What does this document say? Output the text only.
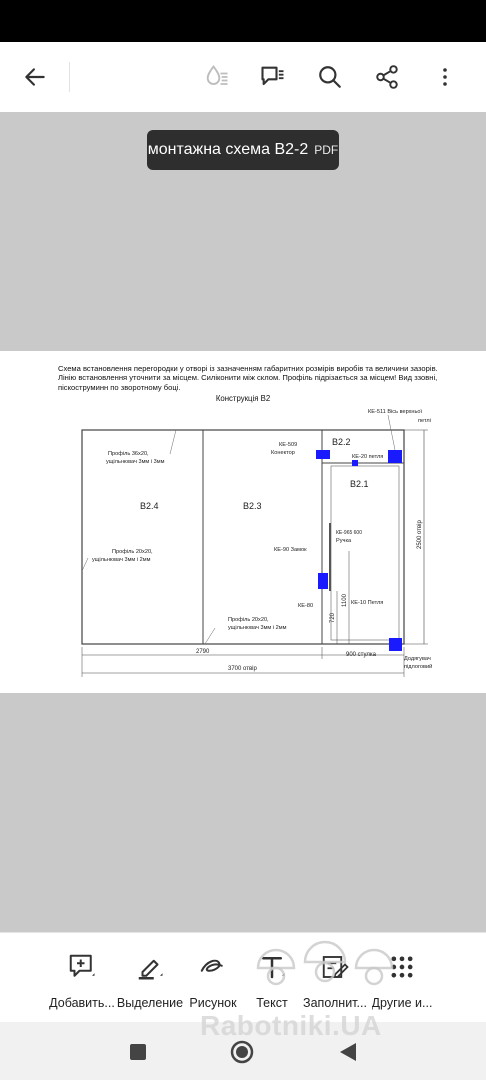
монтажна схема В2-2 PDF
Схема встановлення перегородки у отворі із зазначенням габаритних розмірів виробів та величини зазорів. Лінію встановлення уточнити за місцем. Силіконити між склом. Профіль підрізається за місцем! Вид ззовні, піскоструминн по зворотному боці.
Конструкція В2
В2.4	В2.3
В2.2
В2.1
Профіль 36х20,
ущільнювач 3мм і 3мм
Профіль 20х20,
ущільнювач 3мм і 2мм
Профіль 20х20,
ущільнювач 3мм і 2мм
КЕ-509
Конектор
КЕ-20 петля
КЕ-511 Вісь верхньої
петлі
КЕ-965 600
Ручка
КЕ-90 Замок
КЕ-80	КЕ-10 Петля
Додягувач
підлоговий
2790	900 стулка
3700 отвір
2500 отвір
1100
720
Добавить... Выделение Рисунок Текст Заполнит... Другие и...
Rabotniki.UA
